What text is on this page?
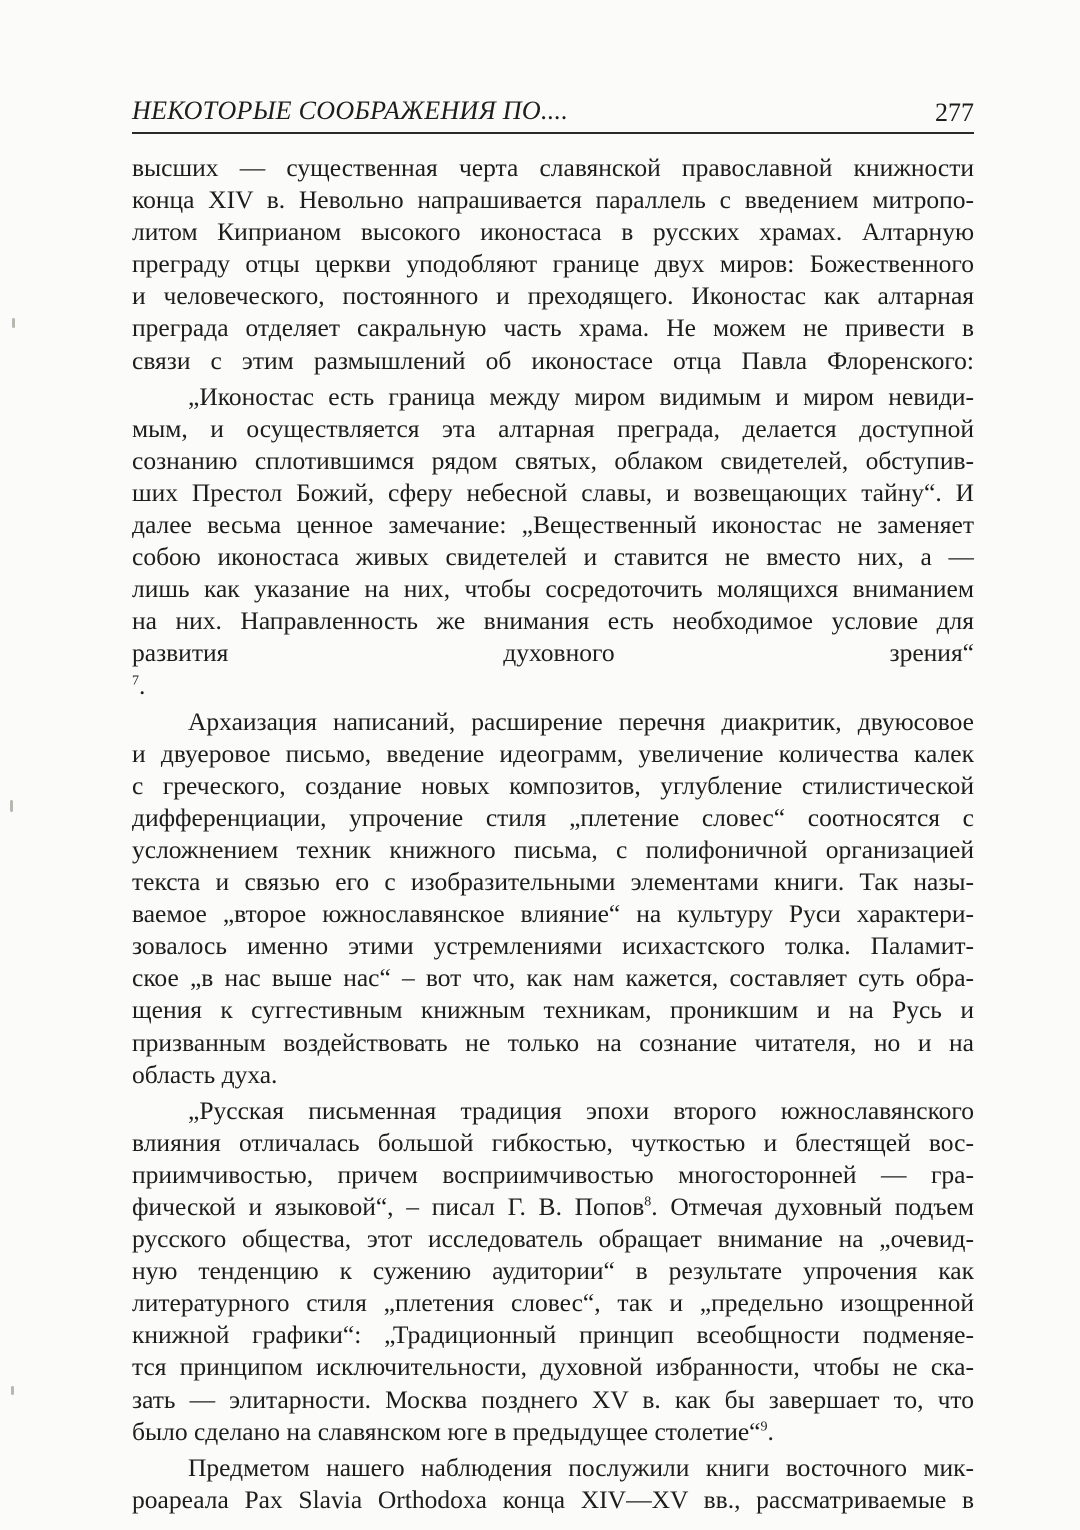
НЕКОТОРЫЕ СООБРАЖЕНИЯ ПО....	277
высших — существенная черта славянской православной книжности
конца XIV в. Невольно напрашивается параллель с введением митропо-
литом Киприаном высокого иконостаса в русских храмах. Алтарную
преграду отцы церкви уподобляют границе двух миров: Божественного
и человеческого, постоянного и преходящего. Иконостас как алтарная
преграда отделяет сакральную часть храма. Не можем не привести в
связи с этим размышлений об иконостасе отца Павла Флоренского:
„Иконостас есть граница между миром видимым и миром невиди-
мым, и осуществляется эта алтарная преграда, делается доступной
сознанию сплотившимся рядом святых, облаком свидетелей, обступив-
ших Престол Божий, сферу небесной славы, и возвещающих тайну“. И
далее весьма ценное замечание: „Вещественный иконостас не заменяет
собою иконостаса живых свидетелей и ставится не вместо них, а —
лишь как указание на них, чтобы сосредоточить молящихся вниманием
на них. Направленность же внимания есть необходимое условие для
развития духовного зрения“
$^7$.
Архаизация написаний, расширение перечня диакритик, двуюсовое
и двуеровое письмо, введение идеограмм, увеличение количества калек
с греческого, создание новых композитов, углубление стилистической
дифференциации, упрочение стиля „плетение словес“ соотносятся с
усложнением техник книжного письма, с полифоничной организацией
текста и связью его с изобразительными элементами книги. Так назы-
ваемое „второе южнославянское влияние“ на культуру Руси характери-
зовалось именно этими устремлениями исихастского толка. Паламит-
ское „в нас выше нас“ – вот что, как нам кажется, составляет суть обра-
щения к суггестивным книжным техникам, проникшим и на Русь и
призванным воздействовать не только на сознание читателя, но и на
область духа.
„Русская письменная традиция эпохи второго южнославянского
влияния отличалась большой гибкостью, чуткостью и блестящей вос-
приимчивостью, причем восприимчивостью многосторонней — гра-
фической и языковой“, – писал Г. В. Попов$^8$. Отмечая духовный подъем
русского общества, этот исследователь обращает внимание на „очевид-
ную тенденцию к сужению аудитории“ в результате упрочения как
литературного стиля „плетения словес“, так и „предельно изощренной
книжной графики“: „Традиционный принцип всеобщности подменяе-
тся принципом исключительности, духовной избранности, чтобы не ска-
зать — элитарности. Москва позднего XV в. как бы завершает то, что
было сделано на славянском юге в предыдущее столетие“$^9$.
Предметом нашего наблюдения послужили книги восточного мик-
роареала Pax Slavia Orthodoxa конца XIV—XV вв., рассматриваемые в
